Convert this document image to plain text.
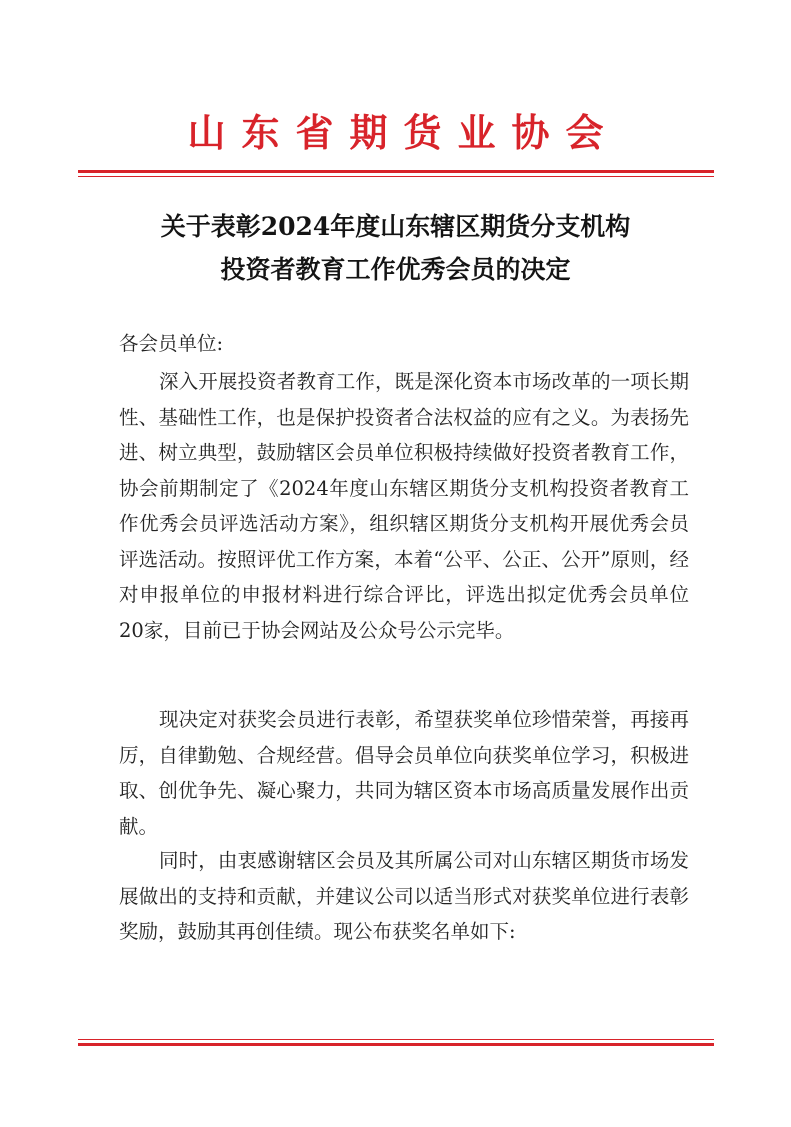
山东省期货业协会
关于表彰2024年度山东辖区期货分支机构
投资者教育工作优秀会员的决定
各会员单位:
深入开展投资者教育工作，既是深化资本市场改革的一项长期性、基础性工作，也是保护投资者合法权益的应有之义。为表扬先进、树立典型，鼓励辖区会员单位积极持续做好投资者教育工作，协会前期制定了《2024年度山东辖区期货分支机构投资者教育工作优秀会员评选活动方案》，组织辖区期货分支机构开展优秀会员评选活动。按照评优工作方案，本着“公平、公正、公开”原则，经对申报单位的申报材料进行综合评比，评选出拟定优秀会员单位20家，目前已于协会网站及公众号公示完毕。
现决定对获奖会员进行表彰，希望获奖单位珍惜荣誉，再接再厉，自律勤勉、合规经营。倡导会员单位向获奖单位学习，积极进取、创优争先、凝心聚力，共同为辖区资本市场高质量发展作出贡献。
同时，由衷感谢辖区会员及其所属公司对山东辖区期货市场发展做出的支持和贡献，并建议公司以适当形式对获奖单位进行表彰奖励，鼓励其再创佳绩。现公布获奖名单如下:
